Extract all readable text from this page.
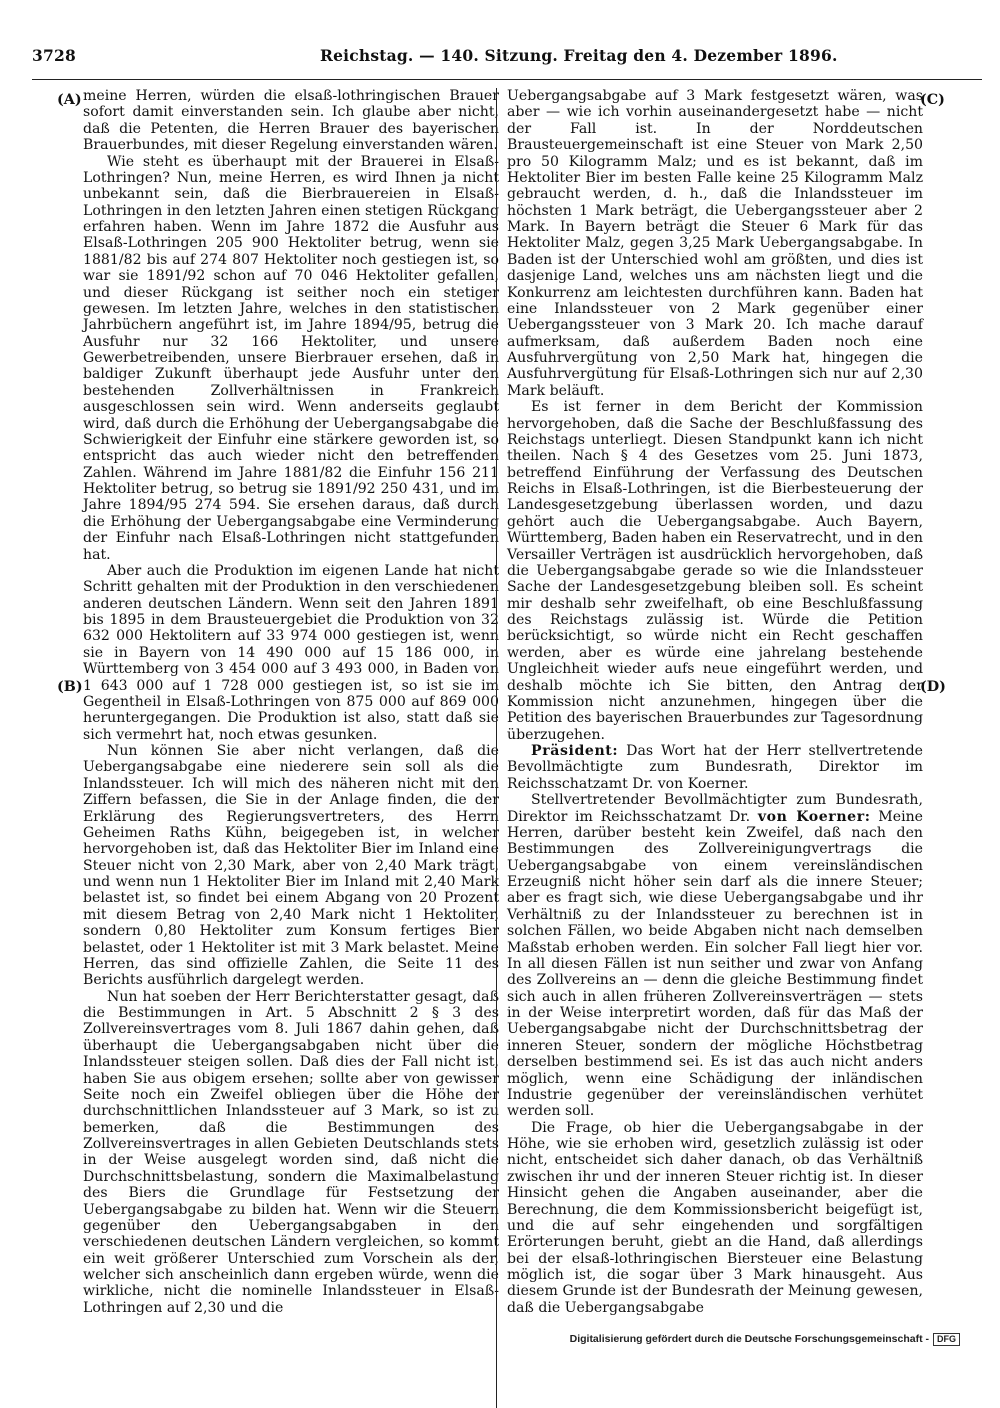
3728	Reichstag. — 140. Sitzung. Freitag den 4. Dezember 1896.
(A)
(B)
(C)
(D)

meine Herren, würden die elsaß-lothringischen Brauer sofort damit einverstanden sein. Ich glaube aber nicht, daß die Petenten, die Herren Brauer des bayerischen Brauerbundes, mit dieser Regelung einverstanden wären.

Wie steht es überhaupt mit der Brauerei in Elsaß-Lothringen? Nun, meine Herren, es wird Ihnen ja nicht unbekannt sein, daß die Bierbrauereien in Elsaß-Lothringen in den letzten Jahren einen stetigen Rückgang erfahren haben. Wenn im Jahre 1872 die Ausfuhr aus Elsaß-Lothringen 205 900 Hektoliter betrug, wenn sie 1881/82 bis auf 274 807 Hektoliter noch gestiegen ist, so war sie 1891/92 schon auf 70 046 Hektoliter gefallen, und dieser Rückgang ist seither noch ein stetiger gewesen. Im letzten Jahre, welches in den statistischen Jahrbüchern angeführt ist, im Jahre 1894/95, betrug die Ausfuhr nur 32 166 Hektoliter, und unsere Gewerbetreibenden, unsere Bierbrauer ersehen, daß in baldiger Zukunft überhaupt jede Ausfuhr unter den bestehenden Zollverhältnissen in Frankreich ausgeschlossen sein wird. Wenn anderseits geglaubt wird, daß durch die Erhöhung der Uebergangsabgabe die Schwierigkeit der Einfuhr eine stärkere geworden ist, so entspricht das auch wieder nicht den betreffenden Zahlen. Während im Jahre 1881/82 die Einfuhr 156 211 Hektoliter betrug, so betrug sie 1891/92 250 431, und im Jahre 1894/95 274 594. Sie ersehen daraus, daß durch die Erhöhung der Uebergangsabgabe eine Verminderung der Einfuhr nach Elsaß-Lothringen nicht stattgefunden hat.

Aber auch die Produktion im eigenen Lande hat nicht Schritt gehalten mit der Produktion in den verschiedenen anderen deutschen Ländern. Wenn seit den Jahren 1891 bis 1895 in dem Brausteuergebiet die Produktion von 32 632 000 Hektolitern auf 33 974 000 gestiegen ist, wenn sie in Bayern von 14 490 000 auf 15 186 000, in Württemberg von 3 454 000 auf 3 493 000, in Baden von 1 643 000 auf 1 728 000 gestiegen ist, so ist sie im Gegentheil in Elsaß-Lothringen von 875 000 auf 869 000 heruntergegangen. Die Produktion ist also, statt daß sie sich vermehrt hat, noch etwas gesunken.

Nun können Sie aber nicht verlangen, daß die Uebergangsabgabe eine niederere sein soll als die Inlandssteuer. Ich will mich des näheren nicht mit den Ziffern befassen, die Sie in der Anlage finden, die der Erklärung des Regierungsvertreters, des Herrn Geheimen Raths Kühn, beigegeben ist, in welcher hervorgehoben ist, daß das Hektoliter Bier im Inland eine Steuer nicht von 2,30 Mark, aber von 2,40 Mark trägt, und wenn nun 1 Hektoliter Bier im Inland mit 2,40 Mark belastet ist, so findet bei einem Abgang von 20 Prozent mit diesem Betrag von 2,40 Mark nicht 1 Hektoliter, sondern 0,80 Hektoliter zum Konsum fertiges Bier belastet, oder 1 Hektoliter ist mit 3 Mark belastet. Meine Herren, das sind offizielle Zahlen, die Seite 11 des Berichts ausführlich dargelegt werden.

Nun hat soeben der Herr Berichterstatter gesagt, daß die Bestimmungen in Art. 5 Abschnitt 2 § 3 des Zollvereinsvertrages vom 8. Juli 1867 dahin gehen, daß überhaupt die Uebergangsabgaben nicht über die Inlandssteuer steigen sollen. Daß dies der Fall nicht ist, haben Sie aus obigem ersehen; sollte aber von gewisser Seite noch ein Zweifel obliegen über die Höhe der durchschnittlichen Inlandssteuer auf 3 Mark, so ist zu bemerken, daß die Bestimmungen des Zollvereinsvertrages in allen Gebieten Deutschlands stets in der Weise ausgelegt worden sind, daß nicht die Durchschnittsbelastung, sondern die Maximalbelastung des Biers die Grundlage für Festsetzung der Uebergangsabgabe zu bilden hat. Wenn wir die Steuern gegenüber den Uebergangsabgaben in den verschiedenen deutschen Ländern vergleichen, so kommt ein weit größerer Unterschied zum Vorschein als der, welcher sich anscheinlich dann ergeben würde, wenn die wirkliche, nicht die nominelle Inlandssteuer in Elsaß-Lothringen auf 2,30 und die

Uebergangsabgabe auf 3 Mark festgesetzt wären, was aber — wie ich vorhin auseinandergesetzt habe — nicht der Fall ist. In der Norddeutschen Brausteuergemeinschaft ist eine Steuer von Mark 2,50 pro 50 Kilogramm Malz; und es ist bekannt, daß im Hektoliter Bier im besten Falle keine 25 Kilogramm Malz gebraucht werden, d. h., daß die Inlandssteuer im höchsten 1 Mark beträgt, die Uebergangssteuer aber 2 Mark. In Bayern beträgt die Steuer 6 Mark für das Hektoliter Malz, gegen 3,25 Mark Uebergangsabgabe. In Baden ist der Unterschied wohl am größten, und dies ist dasjenige Land, welches uns am nächsten liegt und die Konkurrenz am leichtesten durchführen kann. Baden hat eine Inlandssteuer von 2 Mark gegenüber einer Uebergangssteuer von 3 Mark 20. Ich mache darauf aufmerksam, daß außerdem Baden noch eine Ausfuhrvergütung von 2,50 Mark hat, hingegen die Ausfuhrvergütung für Elsaß-Lothringen sich nur auf 2,30 Mark beläuft.

Es ist ferner in dem Bericht der Kommission hervorgehoben, daß die Sache der Beschlußfassung des Reichstags unterliegt. Diesen Standpunkt kann ich nicht theilen. Nach § 4 des Gesetzes vom 25. Juni 1873, betreffend Einführung der Verfassung des Deutschen Reichs in Elsaß-Lothringen, ist die Bierbesteuerung der Landesgesetzgebung überlassen worden, und dazu gehört auch die Uebergangsabgabe. Auch Bayern, Württemberg, Baden haben ein Reservatrecht, und in den Versailler Verträgen ist ausdrücklich hervorgehoben, daß die Uebergangsabgabe gerade so wie die Inlandssteuer Sache der Landesgesetzgebung bleiben soll. Es scheint mir deshalb sehr zweifelhaft, ob eine Beschlußfassung des Reichstags zulässig ist. Würde die Petition berücksichtigt, so würde nicht ein Recht geschaffen werden, aber es würde eine jahrelang bestehende Ungleichheit wieder aufs neue eingeführt werden, und deshalb möchte ich Sie bitten, den Antrag der Kommission nicht anzunehmen, hingegen über die Petition des bayerischen Brauerbundes zur Tagesordnung überzugehen.

Präsident: Das Wort hat der Herr stellvertretende Bevollmächtigte zum Bundesrath, Direktor im Reichsschatzamt Dr. von Koerner.

Stellvertretender Bevollmächtigter zum Bundesrath, Direktor im Reichsschatzamt Dr. von Koerner: Meine Herren, darüber besteht kein Zweifel, daß nach den Bestimmungen des Zollvereinigungvertrags die Uebergangsabgabe von einem vereinsländischen Erzeugniß nicht höher sein darf als die innere Steuer; aber es fragt sich, wie diese Uebergangsabgabe und ihr Verhältniß zu der Inlandssteuer zu berechnen ist in solchen Fällen, wo beide Abgaben nicht nach demselben Maßstab erhoben werden. Ein solcher Fall liegt hier vor. In all diesen Fällen ist nun seither und zwar von Anfang des Zollvereins an — denn die gleiche Bestimmung findet sich auch in allen früheren Zollvereinsverträgen — stets in der Weise interpretirt worden, daß für das Maß der Uebergangsabgabe nicht der Durchschnittsbetrag der inneren Steuer, sondern der mögliche Höchstbetrag derselben bestimmend sei. Es ist das auch nicht anders möglich, wenn eine Schädigung der inländischen Industrie gegenüber der vereinsländischen verhütet werden soll.

Die Frage, ob hier die Uebergangsabgabe in der Höhe, wie sie erhoben wird, gesetzlich zulässig ist oder nicht, entscheidet sich daher danach, ob das Verhältniß zwischen ihr und der inneren Steuer richtig ist. In dieser Hinsicht gehen die Angaben auseinander, aber die Berechnung, die dem Kommissionsbericht beigefügt ist, und die auf sehr eingehenden und sorgfältigen Erörterungen beruht, giebt an die Hand, daß allerdings bei der elsaß-lothringischen Biersteuer eine Belastung möglich ist, die sogar über 3 Mark hinausgeht. Aus diesem Grunde ist der Bundesrath der Meinung gewesen, daß die Uebergangsabgabe

Digitalisierung gefördert durch die Deutsche Forschungsgemeinschaft - DFG
